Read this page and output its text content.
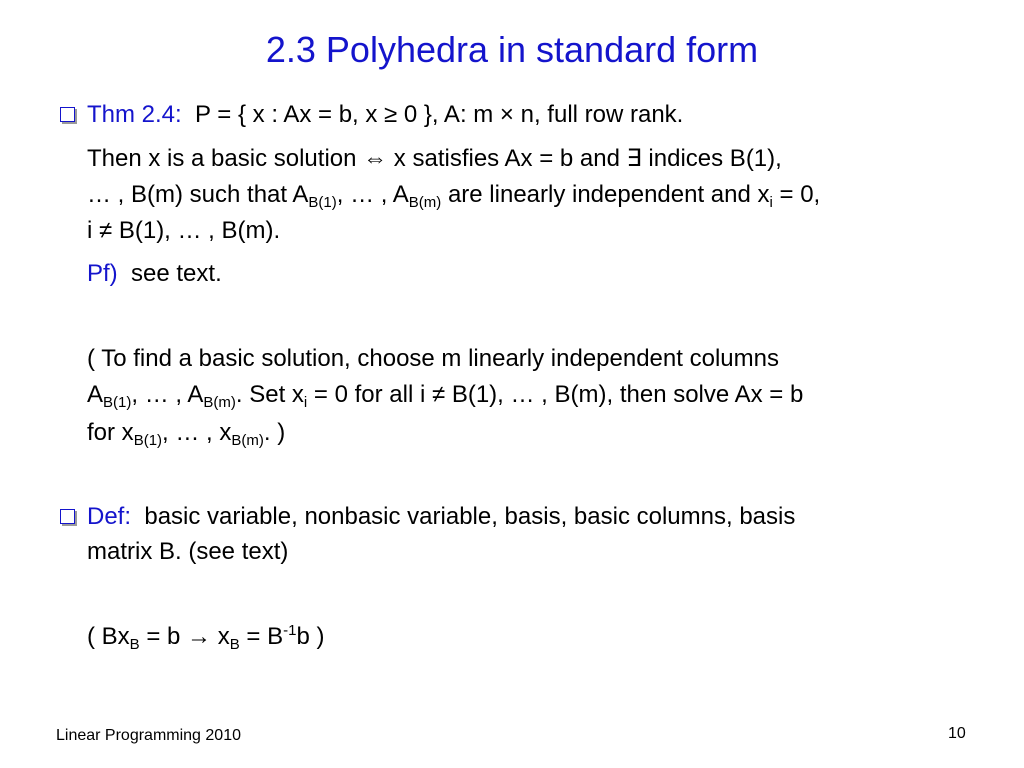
2.3 Polyhedra in standard form
Thm 2.4: P = { x : Ax = b, x ≥ 0 }, A: m × n, full row rank.
Then x is a basic solution ⇔ x satisfies Ax = b and ∃ indices B(1),
… , B(m) such that $A_{B(1)}$, … , $A_{B(m)}$ are linearly independent and $x_i = 0$,
i ≠ B(1), … , B(m).
Pf) see text.
( To find a basic solution, choose m linearly independent columns
$A_{B(1)}$, … , $A_{B(m)}$. Set $x_i = 0$ for all i ≠ B(1), … , B(m), then solve Ax = b
for $x_{B(1)}$, … , $x_{B(m)}$. )
Def: basic variable, nonbasic variable, basis, basic columns, basis
matrix B. (see text)
( $Bx_B = b \to x_B = B^{-1}b$ )
Linear Programming 2010	10
